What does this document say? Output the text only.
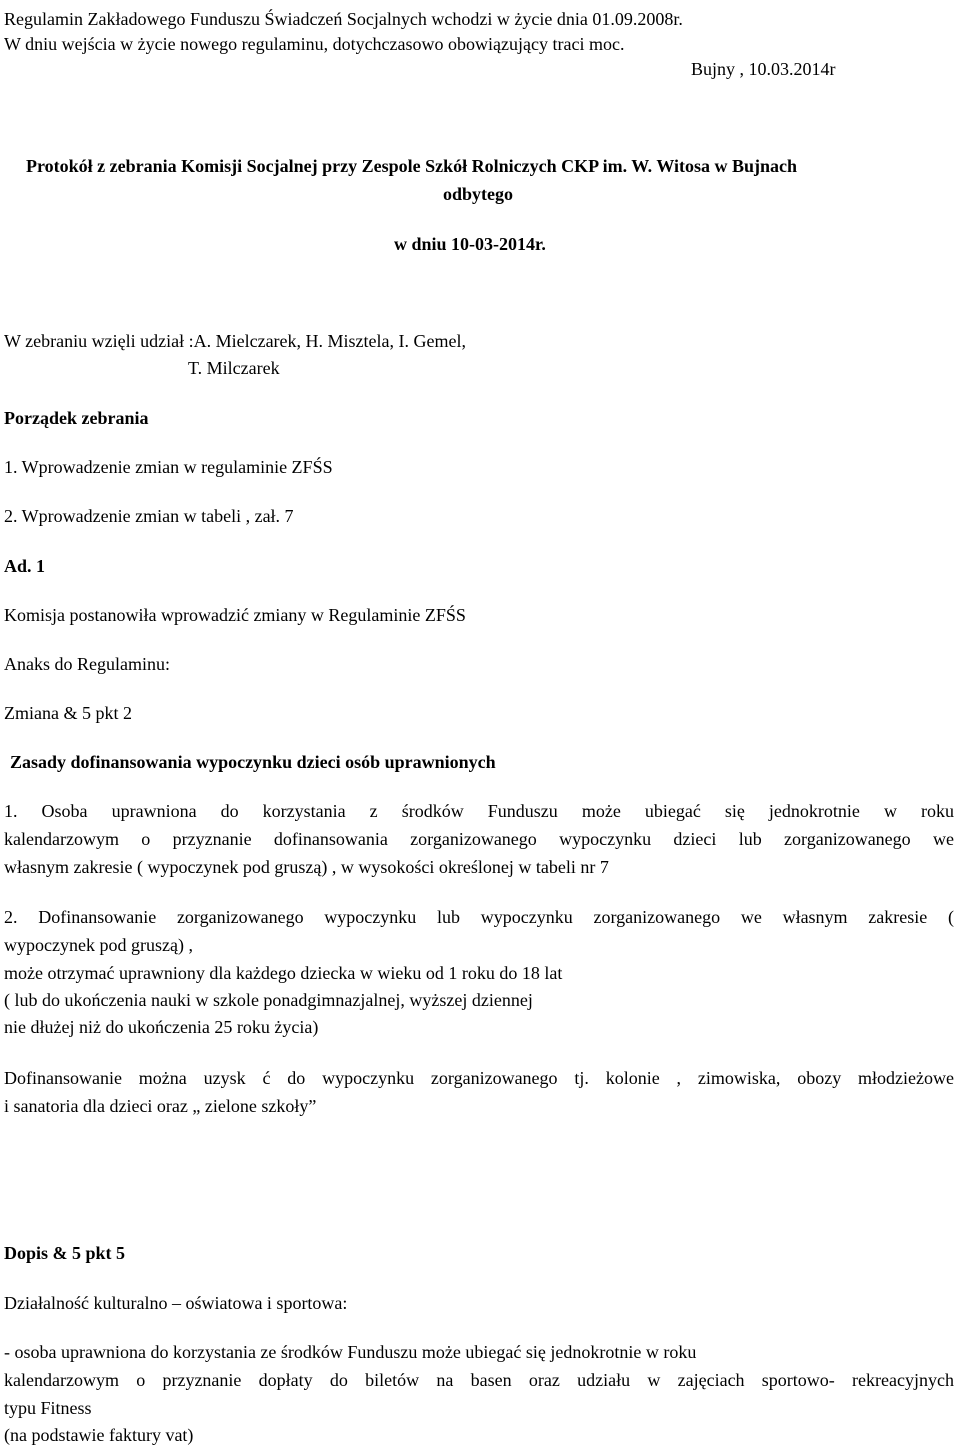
Regulamin Zakładowego Funduszu Świadczeń Socjalnych wchodzi w życie dnia 01.09.2008r.
W dniu wejścia w życie nowego regulaminu, dotychczasowo obowiązujący traci moc.
Bujny , 10.03.2014r
Protokół z zebrania Komisji Socjalnej przy Zespole Szkół Rolniczych CKP im. W. Witosa w Bujnach
odbytego
w dniu 10-03-2014r.
W zebraniu wzięli udział :A. Mielczarek, H. Misztela, I. Gemel,
T. Milczarek
Porządek zebrania
1. Wprowadzenie zmian w regulaminie ZFŚS
2. Wprowadzenie zmian w tabeli , zał. 7
Ad. 1
Komisja postanowiła wprowadzić zmiany w Regulaminie ZFŚS
Anaks do Regulaminu:
Zmiana & 5 pkt 2
Zasady dofinansowania wypoczynku dzieci osób uprawnionych
1. Osoba uprawniona do korzystania z środków Funduszu może ubiegać się jednokrotnie w roku
kalendarzowym o przyznanie dofinansowania zorganizowanego wypoczynku dzieci lub zorganizowanego we
własnym zakresie ( wypoczynek pod gruszą) , w wysokości określonej w tabeli nr 7
2. Dofinansowanie zorganizowanego wypoczynku lub wypoczynku zorganizowanego we własnym zakresie (
wypoczynek pod gruszą) ,
może otrzymać uprawniony dla każdego dziecka w wieku od 1 roku do 18 lat
( lub do ukończenia nauki w szkole ponadgimnazjalnej, wyższej dziennej
nie dłużej niż do ukończenia 25 roku życia)
Dofinansowanie można uzysk ć do wypoczynku zorganizowanego tj. kolonie , zimowiska, obozy młodzieżowe
i sanatoria dla dzieci oraz „ zielone szkoły”
Dopis & 5 pkt 5
Działalność kulturalno – oświatowa i sportowa:
- osoba uprawniona do korzystania ze środków Funduszu może ubiegać się jednokrotnie w roku
kalendarzowym o przyznanie dopłaty do biletów na basen oraz udziału w zajęciach sportowo- rekreacyjnych
typu Fitness
(na podstawie faktury vat)
